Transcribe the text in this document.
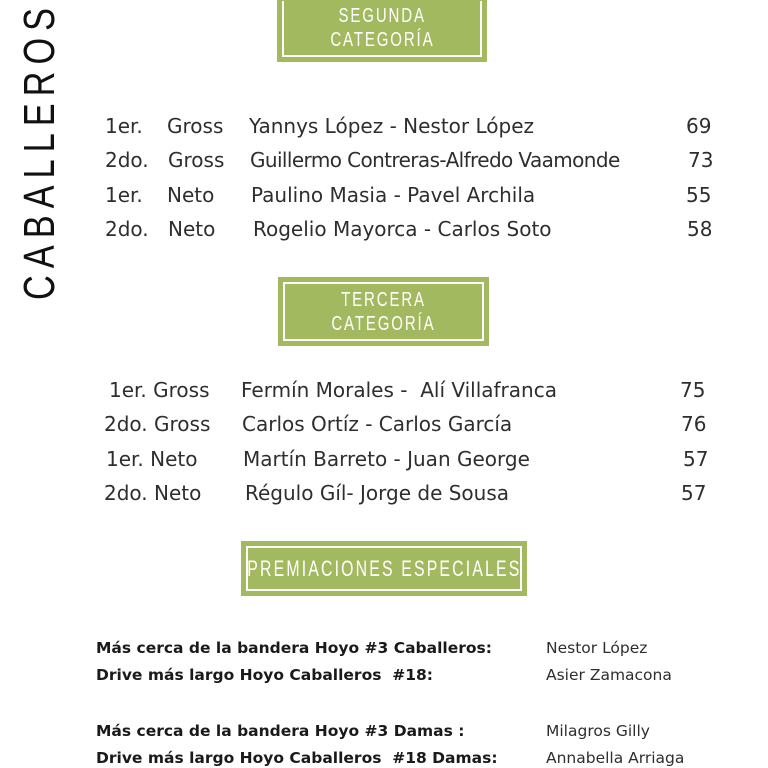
CABALLEROS	SEGUNDA
CATEGORÍA
1er. Gross Yannys López - Nestor López	69
2do. Gross Guillermo Contreras-Alfredo Vaamonde	73
1er. Neto Paulino Masia - Pavel Archila	55
2do. Neto Rogelio Mayorca - Carlos Soto	58
TERCERA
CATEGORÍA
1er. Gross Fermín Morales -  Alí Villafranca	75
2do. Gross Carlos Ortíz - Carlos García	76
1er. Neto Martín Barreto - Juan George	57
2do. Neto Régulo Gíl- Jorge de Sousa	57
PREMIACIONES ESPECIALES
Más cerca de la bandera Hoyo #3 Caballeros:	Nestor López
Drive más largo Hoyo Caballeros  #18:	Asier Zamacona
Más cerca de la bandera Hoyo #3 Damas :	Milagros Gilly
Drive más largo Hoyo Caballeros  #18 Damas:	Annabella Arriaga
